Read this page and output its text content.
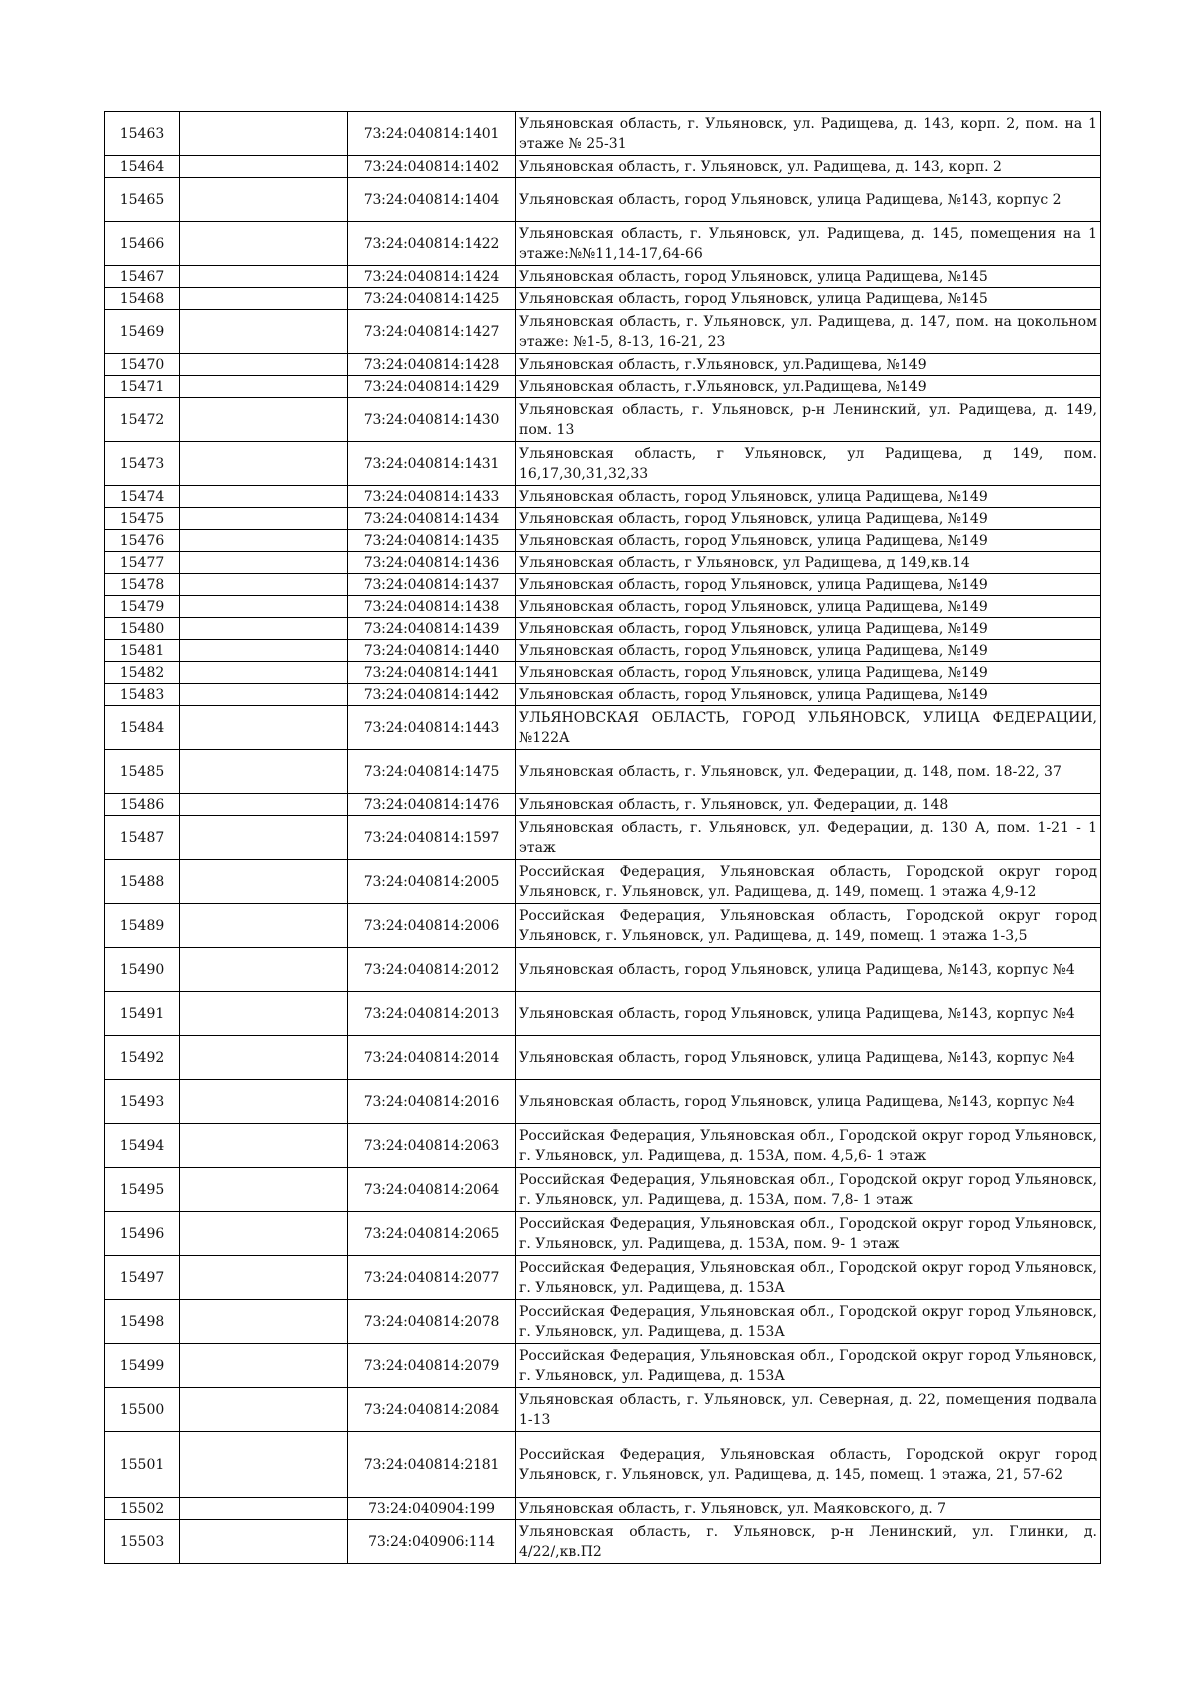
15463		73:24:040814:1401	Ульяновская область, г. Ульяновск, ул. Радищева, д. 143, корп. 2, пом. на 1 этаже № 25-31
15464		73:24:040814:1402	Ульяновская область, г. Ульяновск, ул. Радищева, д. 143, корп. 2
15465		73:24:040814:1404	Ульяновская область, город Ульяновск, улица Радищева, №143, корпус 2
15466		73:24:040814:1422	Ульяновская область, г. Ульяновск, ул. Радищева, д. 145, помещения на 1 этаже:№№11,14-17,64-66
15467		73:24:040814:1424	Ульяновская область, город Ульяновск, улица Радищева, №145
15468		73:24:040814:1425	Ульяновская область, город Ульяновск, улица Радищева, №145
15469		73:24:040814:1427	Ульяновская область, г. Ульяновск, ул. Радищева, д. 147, пом. на цокольном этаже: №1-5, 8-13, 16-21, 23
15470		73:24:040814:1428	Ульяновская область, г.Ульяновск, ул.Радищева, №149
15471		73:24:040814:1429	Ульяновская область, г.Ульяновск, ул.Радищева, №149
15472		73:24:040814:1430	Ульяновская область, г. Ульяновск, р-н Ленинский, ул. Радищева, д. 149, пом. 13
15473		73:24:040814:1431	Ульяновская область, г Ульяновск, ул Радищева, д 149, пом. 16,17,30,31,32,33
15474		73:24:040814:1433	Ульяновская область, город Ульяновск, улица Радищева, №149
15475		73:24:040814:1434	Ульяновская область, город Ульяновск, улица Радищева, №149
15476		73:24:040814:1435	Ульяновская область, город Ульяновск, улица Радищева, №149
15477		73:24:040814:1436	Ульяновская область, г Ульяновск, ул Радищева, д 149,кв.14
15478		73:24:040814:1437	Ульяновская область, город Ульяновск, улица Радищева, №149
15479		73:24:040814:1438	Ульяновская область, город Ульяновск, улица Радищева, №149
15480		73:24:040814:1439	Ульяновская область, город Ульяновск, улица Радищева, №149
15481		73:24:040814:1440	Ульяновская область, город Ульяновск, улица Радищева, №149
15482		73:24:040814:1441	Ульяновская область, город Ульяновск, улица Радищева, №149
15483		73:24:040814:1442	Ульяновская область, город Ульяновск, улица Радищева, №149
15484		73:24:040814:1443	УЛЬЯНОВСКАЯ ОБЛАСТЬ, ГОРОД УЛЬЯНОВСК, УЛИЦА ФЕДЕРАЦИИ, №122А
15485		73:24:040814:1475	Ульяновская область, г. Ульяновск, ул. Федерации, д. 148, пом. 18-22, 37
15486		73:24:040814:1476	Ульяновская область, г. Ульяновск, ул. Федерации, д. 148
15487		73:24:040814:1597	Ульяновская область, г. Ульяновск, ул. Федерации, д. 130 А, пом. 1-21 - 1 этаж
15488		73:24:040814:2005	Российская Федерация, Ульяновская область, Городской округ город Ульяновск, г. Ульяновск, ул. Радищева, д. 149, помещ. 1 этажа 4,9-12
15489		73:24:040814:2006	Российская Федерация, Ульяновская область, Городской округ город Ульяновск, г. Ульяновск, ул. Радищева, д. 149, помещ. 1 этажа 1-3,5
15490		73:24:040814:2012	Ульяновская область, город Ульяновск, улица Радищева, №143, корпус №4
15491		73:24:040814:2013	Ульяновская область, город Ульяновск, улица Радищева, №143, корпус №4
15492		73:24:040814:2014	Ульяновская область, город Ульяновск, улица Радищева, №143, корпус №4
15493		73:24:040814:2016	Ульяновская область, город Ульяновск, улица Радищева, №143, корпус №4
15494		73:24:040814:2063	Российская Федерация, Ульяновская обл., Городской округ город Ульяновск, г. Ульяновск, ул. Радищева, д. 153А, пом. 4,5,6- 1 этаж
15495		73:24:040814:2064	Российская Федерация, Ульяновская обл., Городской округ город Ульяновск, г. Ульяновск, ул. Радищева, д. 153А, пом. 7,8- 1 этаж
15496		73:24:040814:2065	Российская Федерация, Ульяновская обл., Городской округ город Ульяновск, г. Ульяновск, ул. Радищева, д. 153А, пом. 9- 1 этаж
15497		73:24:040814:2077	Российская Федерация, Ульяновская обл., Городской округ город Ульяновск, г. Ульяновск, ул. Радищева, д. 153А
15498		73:24:040814:2078	Российская Федерация, Ульяновская обл., Городской округ город Ульяновск, г. Ульяновск, ул. Радищева, д. 153А
15499		73:24:040814:2079	Российская Федерация, Ульяновская обл., Городской округ город Ульяновск, г. Ульяновск, ул. Радищева, д. 153А
15500		73:24:040814:2084	Ульяновская область, г. Ульяновск, ул. Северная, д. 22, помещения подвала 1-13
15501		73:24:040814:2181	Российская Федерация, Ульяновская область, Городской округ город Ульяновск, г. Ульяновск, ул. Радищева, д. 145, помещ. 1 этажа, 21, 57-62
15502		73:24:040904:199	Ульяновская область, г. Ульяновск, ул. Маяковского, д. 7
15503		73:24:040906:114	Ульяновская область, г. Ульяновск, р-н Ленинский, ул. Глинки, д. 4/22/,кв.П2
